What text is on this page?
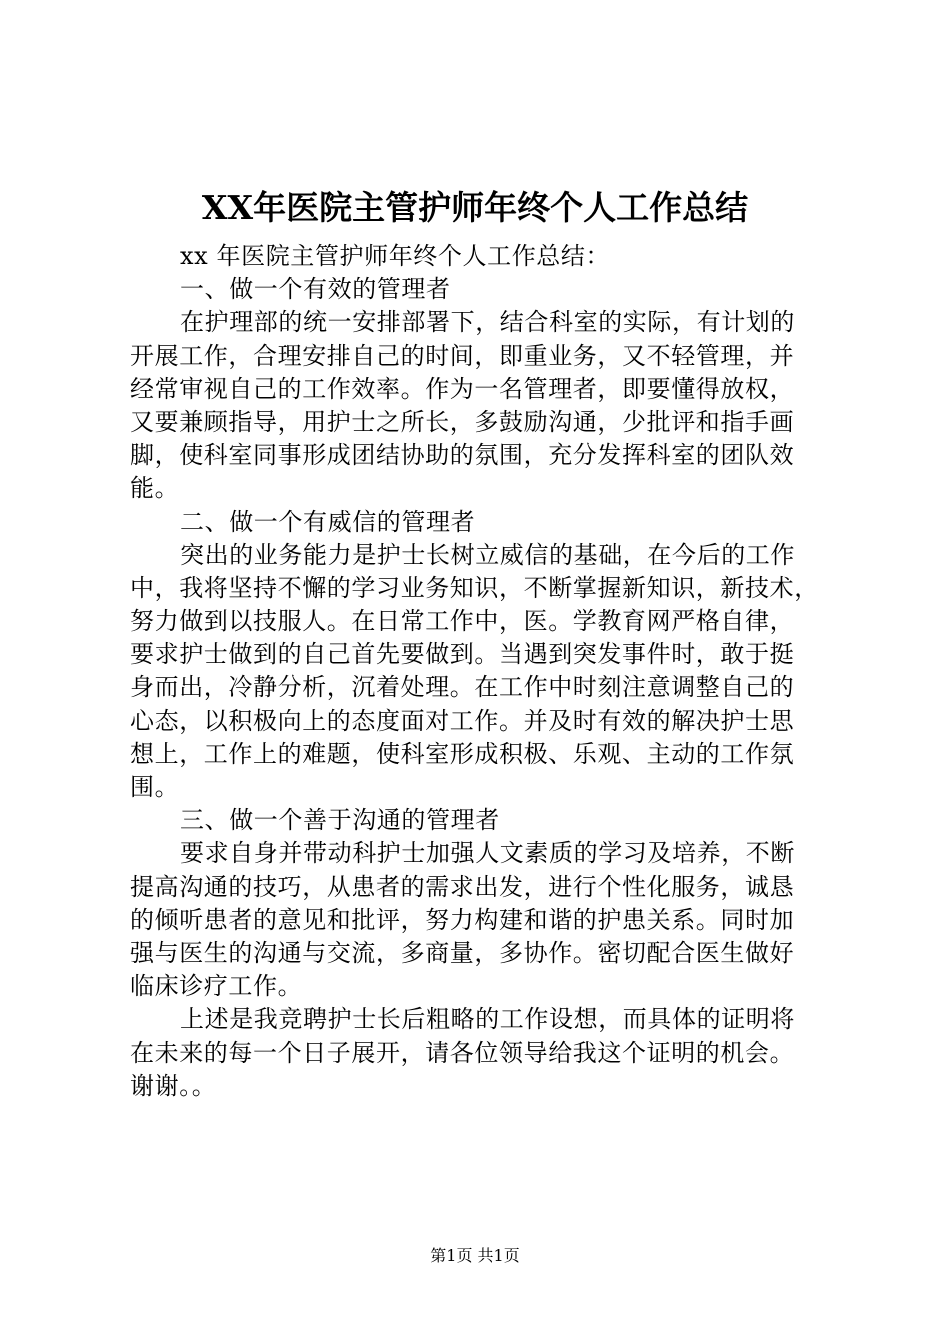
XX年医院主管护师年终个人工作总结
xx 年医院主管护师年终个人工作总结：
一、做一个有效的管理者
在护理部的统一安排部署下，结合科室的实际，有计划的
开展工作，合理安排自己的时间，即重业务，又不轻管理，并
经常审视自己的工作效率。作为一名管理者，即要懂得放权，
又要兼顾指导，用护士之所长，多鼓励沟通，少批评和指手画
脚，使科室同事形成团结协助的氛围，充分发挥科室的团队效
能。
二、做一个有威信的管理者
突出的业务能力是护士长树立威信的基础，在今后的工作
中，我将坚持不懈的学习业务知识，不断掌握新知识，新技术，
努力做到以技服人。在日常工作中，医。学教育网严格自律，
要求护士做到的自己首先要做到。当遇到突发事件时，敢于挺
身而出，冷静分析，沉着处理。在工作中时刻注意调整自己的
心态，以积极向上的态度面对工作。并及时有效的解决护士思
想上，工作上的难题，使科室形成积极、乐观、主动的工作氛
围。
三、做一个善于沟通的管理者
要求自身并带动科护士加强人文素质的学习及培养，不断
提高沟通的技巧，从患者的需求出发，进行个性化服务，诚恳
的倾听患者的意见和批评，努力构建和谐的护患关系。同时加
强与医生的沟通与交流，多商量，多协作。密切配合医生做好
临床诊疗工作。
上述是我竞聘护士长后粗略的工作设想，而具体的证明将
在未来的每一个日子展开，请各位领导给我这个证明的机会。
谢谢。。
第1页 共1页
